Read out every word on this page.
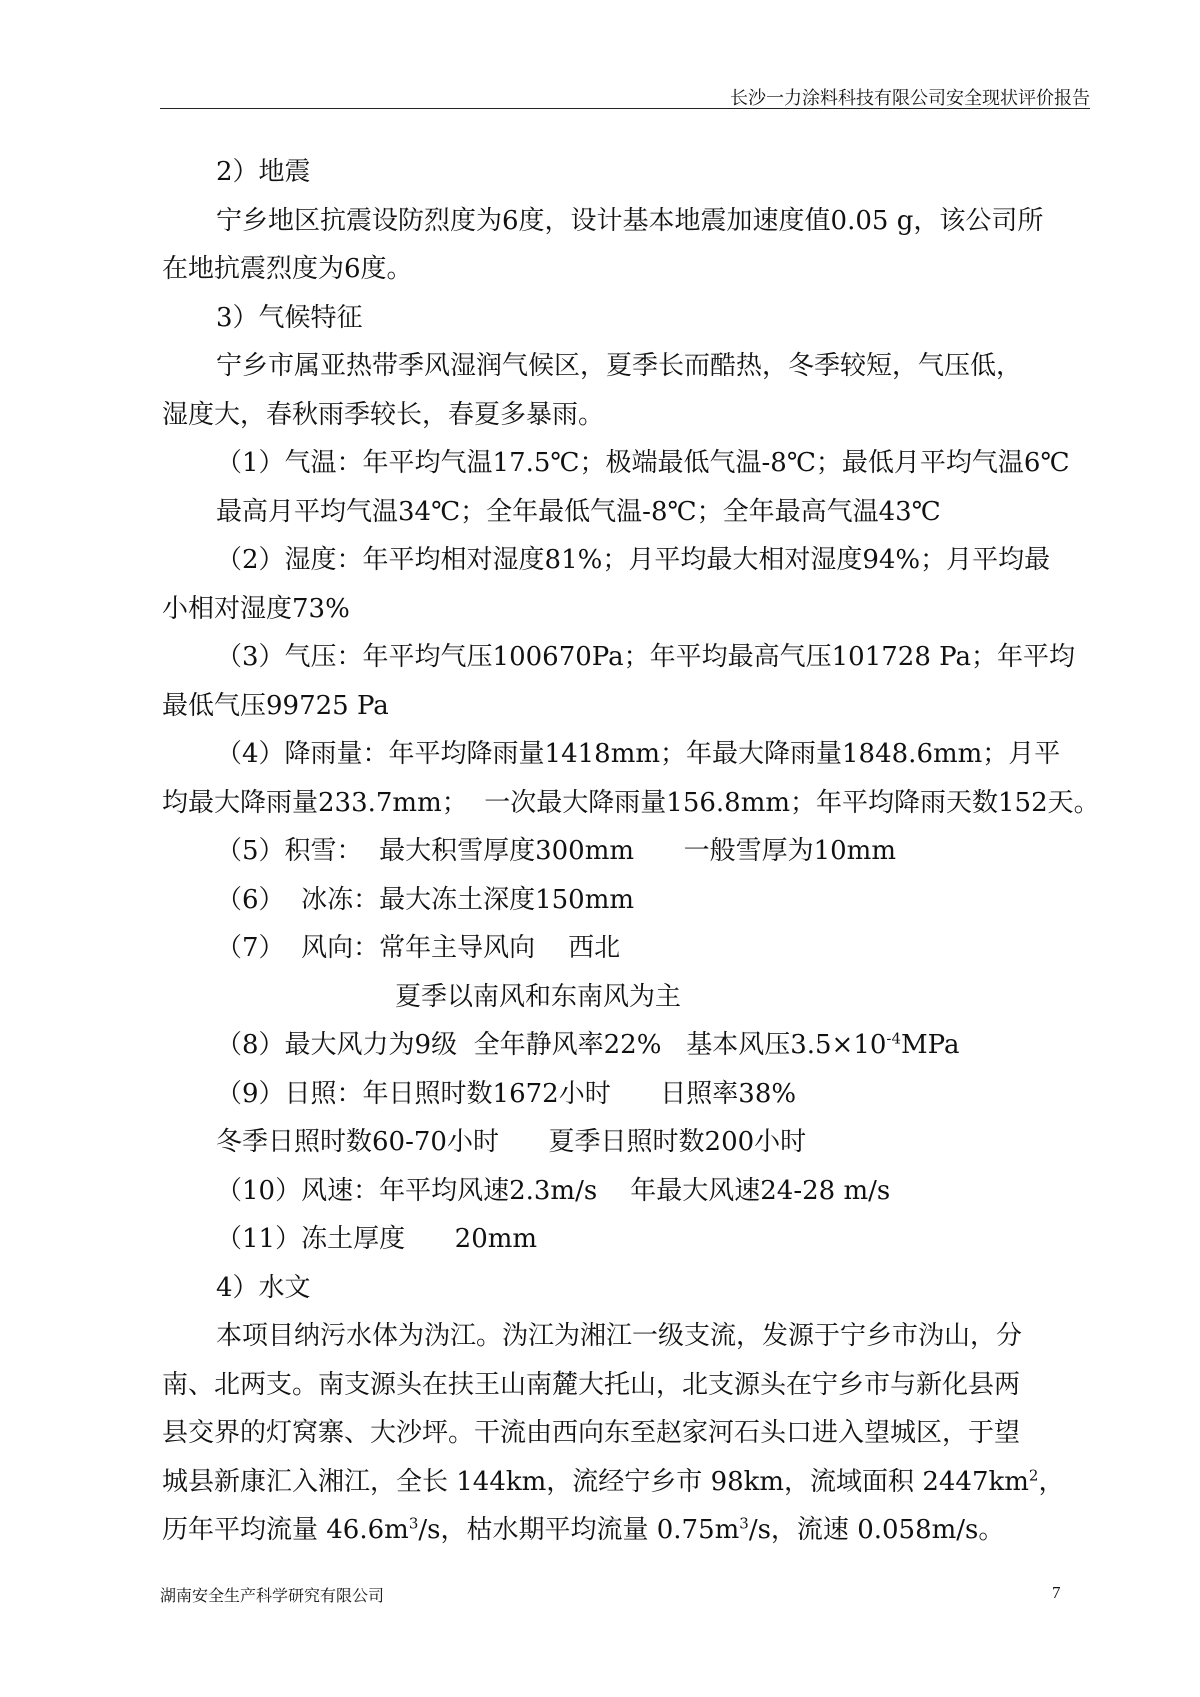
长沙一力涂料科技有限公司安全现状评价报告
2）地震
宁乡地区抗震设防烈度为6度，设计基本地震加速度值0.05 g，该公司所
在地抗震烈度为6度。
3）气候特征
宁乡市属亚热带季风湿润气候区，夏季长而酷热，冬季较短，气压低，
湿度大，春秋雨季较长，春夏多暴雨。
（1）气温：年平均气温17.5℃；极端最低气温-8℃；最低月平均气温6℃
最高月平均气温34℃；全年最低气温-8℃；全年最高气温43℃
（2）湿度：年平均相对湿度81%；月平均最大相对湿度94%；月平均最
小相对湿度73%
（3）气压：年平均气压100670Pa；年平均最高气压101728 Pa；年平均
最低气压99725 Pa
（4）降雨量：年平均降雨量1418mm；年最大降雨量1848.6mm；月平
均最大降雨量233.7mm；  一次最大降雨量156.8mm；年平均降雨天数152天。
（5）积雪：  最大积雪厚度300mm      一般雪厚为10mm
（6）  冰冻：最大冻土深度150mm
（7）  风向：常年主导风向    西北
夏季以南风和东南风为主
（8）最大风力为9级  全年静风率22%   基本风压$3.5\times 10^{-4}MPa$
（9）日照：年日照时数1672小时      日照率38%
冬季日照时数60-70小时      夏季日照时数200小时
（10）风速：年平均风速2.3m/s    年最大风速24-28 m/s
（11）冻土厚度      20mm
4）水文
本项目纳污水体为沩江。沩江为湘江一级支流，发源于宁乡市沩山，分
南、北两支。南支源头在扶王山南麓大托山，北支源头在宁乡市与新化县两
县交界的灯窝寨、大沙坪。干流由西向东至赵家河石头口进入望城区，于望
城县新康汇入湘江，全长 144km，流经宁乡市 98km，流域面积 $2447km^2$，
历年平均流量 $46.6m^3/s$，枯水期平均流量 $0.75m^3/s$，流速 0.058m/s。
湖南安全生产科学研究有限公司	7
